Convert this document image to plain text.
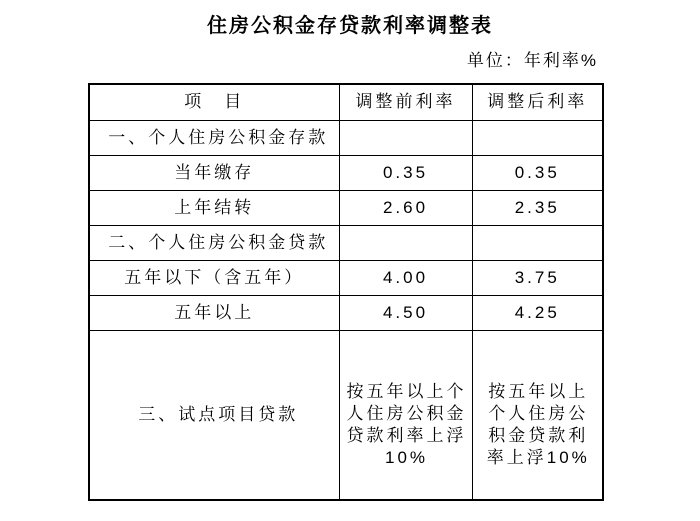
住房公积金存贷款利率调整表
单位：年利率%
项　目	调整前利率	调整后利率
一、个人住房公积金存款		
当年缴存	0.35	0.35
上年结转	2.60	2.35
二、个人住房公积金贷款		
五年以下（含五年）	4.00	3.75
五年以上	4.50	4.25
三、试点项目贷款	按五年以上个人住房公积金贷款利率上浮10%	按五年以上个人住房公积金贷款利率上浮10%
